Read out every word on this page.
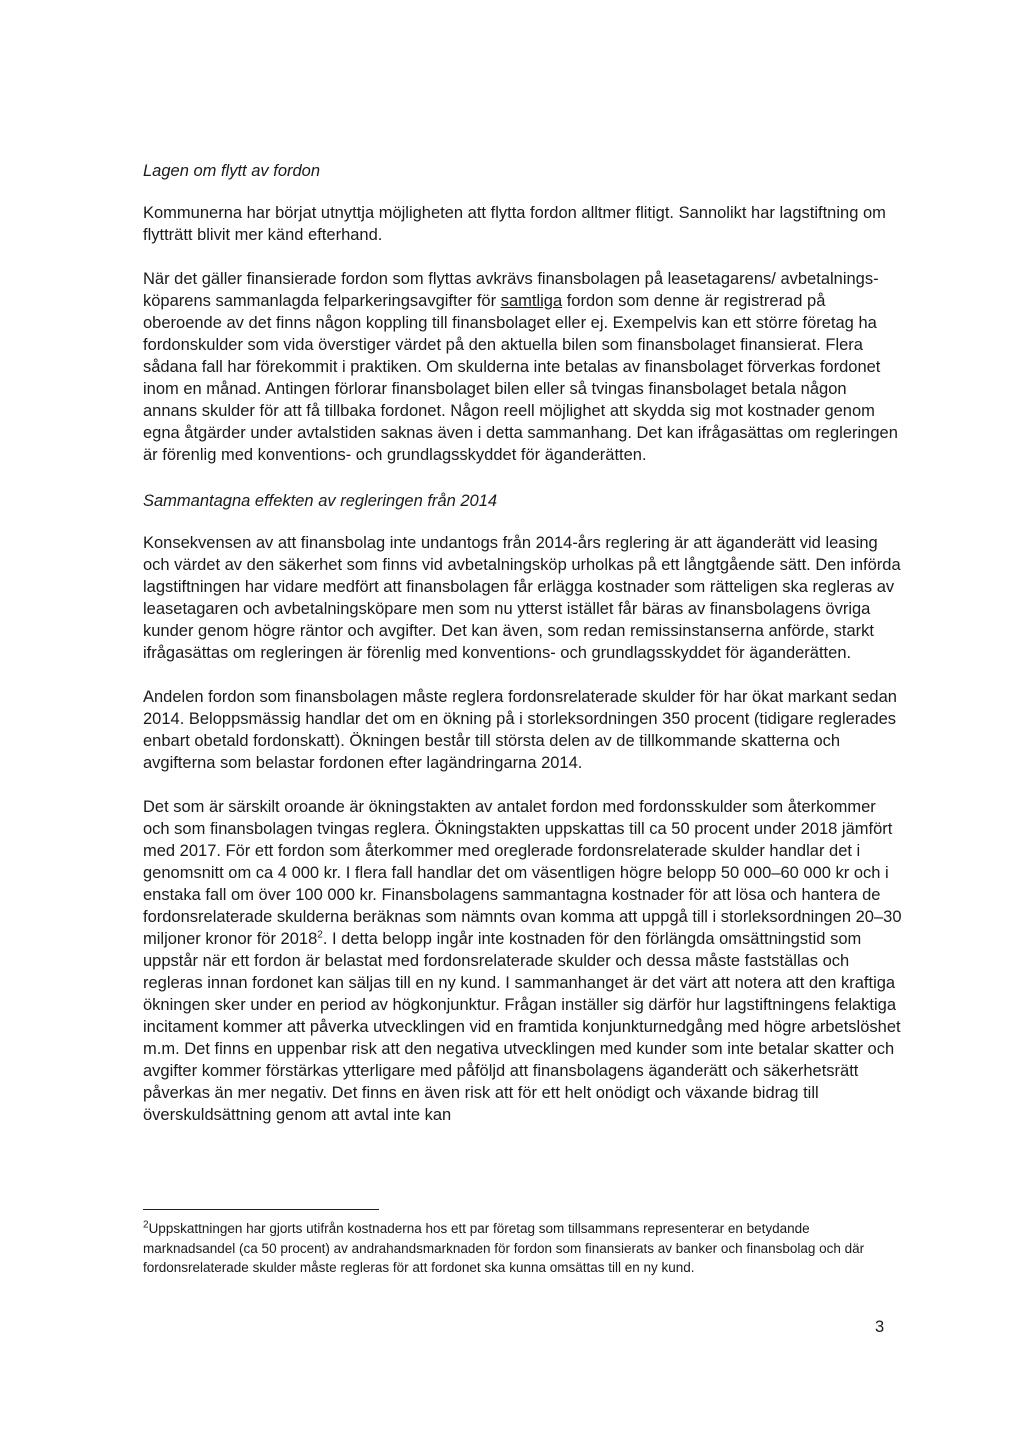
Lagen om flytt av fordon

Kommunerna har börjat utnyttja möjligheten att flytta fordon alltmer flitigt. Sannolikt har lagstiftning om flytträtt blivit mer känd efterhand.

När det gäller finansierade fordon som flyttas avkrävs finansbolagen på leasetagarens/ avbetalnings-köparens sammanlagda felparkeringsavgifter för samtliga fordon som denne är registrerad på oberoende av det finns någon koppling till finansbolaget eller ej. Exempelvis kan ett större företag ha fordonskulder som vida överstiger värdet på den aktuella bilen som finansbolaget finansierat. Flera sådana fall har förekommit i praktiken. Om skulderna inte betalas av finansbolaget förverkas fordonet inom en månad. Antingen förlorar finansbolaget bilen eller så tvingas finansbolaget betala någon annans skulder för att få tillbaka fordonet. Någon reell möjlighet att skydda sig mot kostnader genom egna åtgärder under avtalstiden saknas även i detta sammanhang. Det kan ifrågasättas om regleringen är förenlig med konventions- och grundlagsskyddet för äganderätten.

Sammantagna effekten av regleringen från 2014

Konsekvensen av att finansbolag inte undantogs från 2014-års reglering är att äganderätt vid leasing och värdet av den säkerhet som finns vid avbetalningsköp urholkas på ett långtgående sätt. Den införda lagstiftningen har vidare medfört att finansbolagen får erlägga kostnader som rätteligen ska regleras av leasetagaren och avbetalningsköpare men som nu ytterst istället får bäras av finansbolagens övriga kunder genom högre räntor och avgifter. Det kan även, som redan remissinstanserna anförde, starkt ifrågasättas om regleringen är förenlig med konventions- och grundlagsskyddet för äganderätten.

Andelen fordon som finansbolagen måste reglera fordonsrelaterade skulder för har ökat markant sedan 2014. Beloppsmässig handlar det om en ökning på i storleksordningen 350 procent (tidigare reglerades enbart obetald fordonskatt). Ökningen består till största delen av de tillkommande skatterna och avgifterna som belastar fordonen efter lagändringarna 2014.

Det som är särskilt oroande är ökningstakten av antalet fordon med fordonsskulder som återkommer och som finansbolagen tvingas reglera. Ökningstakten uppskattas till ca 50 procent under 2018 jämfört med 2017. För ett fordon som återkommer med oreglerade fordonsrelaterade skulder handlar det i genomsnitt om ca 4 000 kr. I flera fall handlar det om väsentligen högre belopp 50 000–60 000 kr och i enstaka fall om över 100 000 kr. Finansbolagens sammantagna kostnader för att lösa och hantera de fordonsrelaterade skulderna beräknas som nämnts ovan komma att uppgå till i storleksordningen 20–30 miljoner kronor för 2018$^2$. I detta belopp ingår inte kostnaden för den förlängda omsättningstid som uppstår när ett fordon är belastat med fordonsrelaterade skulder och dessa måste fastställas och regleras innan fordonet kan säljas till en ny kund. I sammanhanget är det värt att notera att den kraftiga ökningen sker under en period av högkonjunktur. Frågan inställer sig därför hur lagstiftningens felaktiga incitament kommer att påverka utvecklingen vid en framtida konjunkturnedgång med högre arbetslöshet m.m. Det finns en uppenbar risk att den negativa utvecklingen med kunder som inte betalar skatter och avgifter kommer förstärkas ytterligare med påföljd att finansbolagens äganderätt och säkerhetsrätt påverkas än mer negativ. Det finns en även risk att för ett helt onödigt och växande bidrag till överskuldsättning genom att avtal inte kan

$^2$Uppskattningen har gjorts utifrån kostnaderna hos ett par företag som tillsammans representerar en betydande marknadsandel (ca 50 procent) av andrahandsmarknaden för fordon som finansierats av banker och finansbolag och där fordonsrelaterade skulder måste regleras för att fordonet ska kunna omsättas till en ny kund.

3
